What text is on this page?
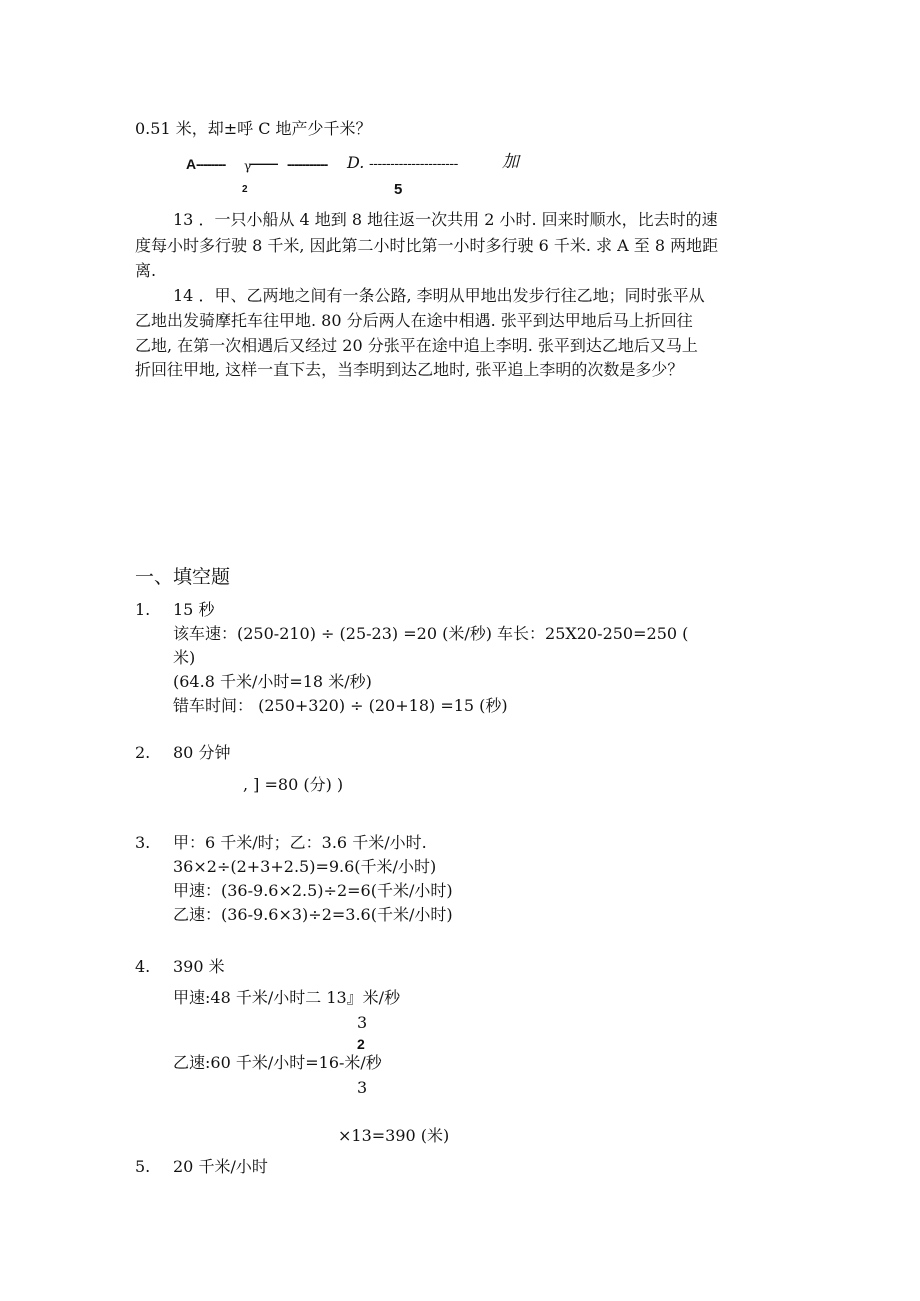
0.51 米，却±呼 C 地产少千米？
A -------- γ
—— ----------- D. ---------------------	加
2	5
13 ．一只小船从 4 地到 8 地往返一次共用 2 小时. 回来时顺水，比去时的速
度每小时多行驶 8 千米, 因此第二小时比第一小时多行驶 6 千米. 求 A 至 8 两地距
离.
14 ．甲、乙两地之间有一条公路, 李明从甲地出发步行往乙地；同时张平从
乙地出发骑摩托车往甲地. 80 分后两人在途中相遇. 张平到达甲地后马上折回往
乙地, 在第一次相遇后又经过 20 分张平在途中追上李明. 张平到达乙地后又马上
折回往甲地, 这样一直下去，当李明到达乙地时, 张平追上李明的次数是多少？
一、填空题
1. 15 秒
该车速：(250-210) ÷ (25-23) =20 (米/秒) 车长：25X20-250=250 (
米)
(64.8 千米/小时=18 米/秒)
错车时间： (250+320) ÷ (20+18) =15 (秒)
2. 80 分钟
, ] =80 (分) )
3. 甲：6 千米/时；乙：3.6 千米/小时.
36×2÷(2+3+2.5)=9.6(千米/小时)
甲速：(36-9.6×2.5)÷2=6(千米/小时)
乙速：(36-9.6×3)÷2=3.6(千米/小时)
4. 390 米
甲速:48 千米/小时二 13』米/秒
3
2
乙速:60 千米/小时=16-米/秒
3
×13=390 (米)
5. 20 千米/小时
